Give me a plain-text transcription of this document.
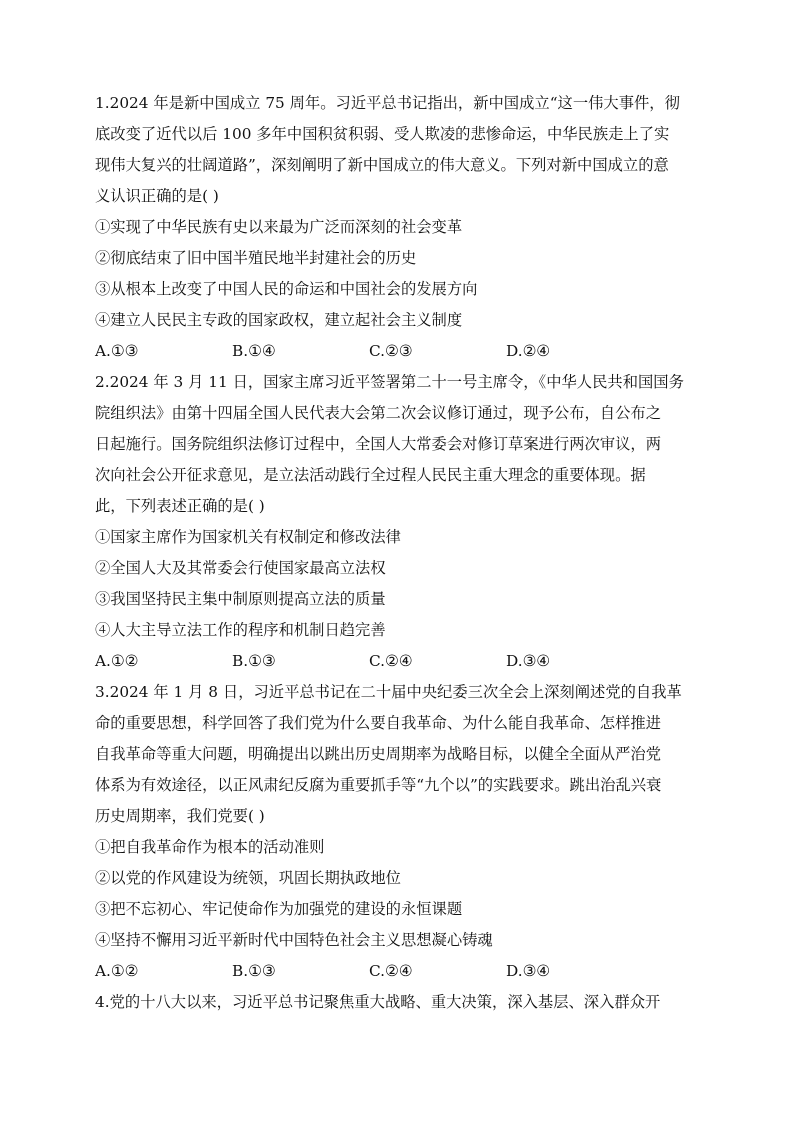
1.2024 年是新中国成立 75 周年。习近平总书记指出，新中国成立“这一伟大事件，彻

底改变了近代以后 100 多年中国积贫积弱、受人欺凌的悲惨命运，中华民族走上了实

现伟大复兴的壮阔道路”，深刻阐明了新中国成立的伟大意义。下列对新中国成立的意

义认识正确的是( )

①实现了中华民族有史以来最为广泛而深刻的社会变革

②彻底结束了旧中国半殖民地半封建社会的历史

③从根本上改变了中国人民的命运和中国社会的发展方向

④建立人民民主专政的国家政权，建立起社会主义制度

A.①③	B.①④	C.②③	D.②④

2.2024 年 3 月 11 日，国家主席习近平签署第二十一号主席令，《中华人民共和国国务

院组织法》由第十四届全国人民代表大会第二次会议修订通过，现予公布，自公布之

日起施行。国务院组织法修订过程中，全国人大常委会对修订草案进行两次审议，两

次向社会公开征求意见，是立法活动践行全过程人民民主重大理念的重要体现。据

此，下列表述正确的是( )

①国家主席作为国家机关有权制定和修改法律

②全国人大及其常委会行使国家最高立法权

③我国坚持民主集中制原则提高立法的质量

④人大主导立法工作的程序和机制日趋完善

A.①②	B.①③	C.②④	D.③④

3.2024 年 1 月 8 日，习近平总书记在二十届中央纪委三次全会上深刻阐述党的自我革

命的重要思想，科学回答了我们党为什么要自我革命、为什么能自我革命、怎样推进

自我革命等重大问题，明确提出以跳出历史周期率为战略目标，以健全全面从严治党

体系为有效途径，以正风肃纪反腐为重要抓手等“九个以”的实践要求。跳出治乱兴衰

历史周期率，我们党要( )

①把自我革命作为根本的活动准则

②以党的作风建设为统领，巩固长期执政地位

③把不忘初心、牢记使命作为加强党的建设的永恒课题

④坚持不懈用习近平新时代中国特色社会主义思想凝心铸魂

A.①②	B.①③	C.②④	D.③④

4.党的十八大以来，习近平总书记聚焦重大战略、重大决策，深入基层、深入群众开
